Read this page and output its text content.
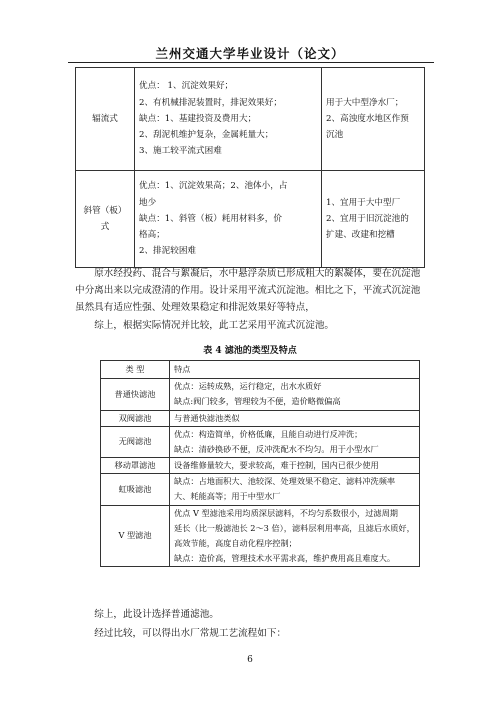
兰州交通大学毕业设计（论文）
辐流式	优点： 1、沉淀效果好；
2、有机械排泥装置时，排泥效果好；
缺点：1、基建投资及费用大；
2、刮泥机维护复杂，金属耗量大；
3、施工较平流式困难	用于大中型净水厂；
2、高浊度水地区作预
沉池

斜管（板）式	优点：1、沉淀效果高；2、池体小，占
地少
缺点：1、斜管（板）耗用材料多，价
格高；
2、排泥较困难	1、宜用于大中型厂
2、宜用于旧沉淀池的
扩建、改建和挖槽
原水经投药、混合与絮凝后，水中悬浮杂质已形成粗大的絮凝体，要在沉淀池中分离出来以完成澄清的作用。设计采用平流式沉淀池。相比之下，平流式沉淀池虽然具有适应性强、处理效果稳定和排泥效果好等特点，
综上，根据实际情况并比较，此工艺采用平流式沉淀池。
表 4 滤池的类型及特点
类 型	特点
普通快滤池	优点：运转成熟，运行稳定，出水水质好
缺点:阀门较多，管理较为不便，造价略微偏高

双阀滤池	与普通快滤池类似

无阀滤池	优点：构造简单，价格低廉，且能自动进行反冲洗；
缺点：清砂换砂不便，反冲洗配水不均匀。用于小型水厂

移动罩滤池	设备维修量较大，要求较高，难于控制，国内已很少使用

虹吸滤池	缺点：占地面积大、池较深、处理效果不稳定、滤料冲洗频率
大、耗能高等；用于中型水厂

V 型滤池	优点 V 型滤池采用均质深层滤料，不均匀系数很小，过滤周期
延长（比一般滤池长 2～3 倍），滤料层利用率高，且滤后水质好，
高效节能，高度自动化程序控制；
缺点：造价高，管理技术水平需求高，维护费用高且难度大。
综上，此设计选择普通滤池。
经过比较，可以得出水厂常规工艺流程如下：
6
